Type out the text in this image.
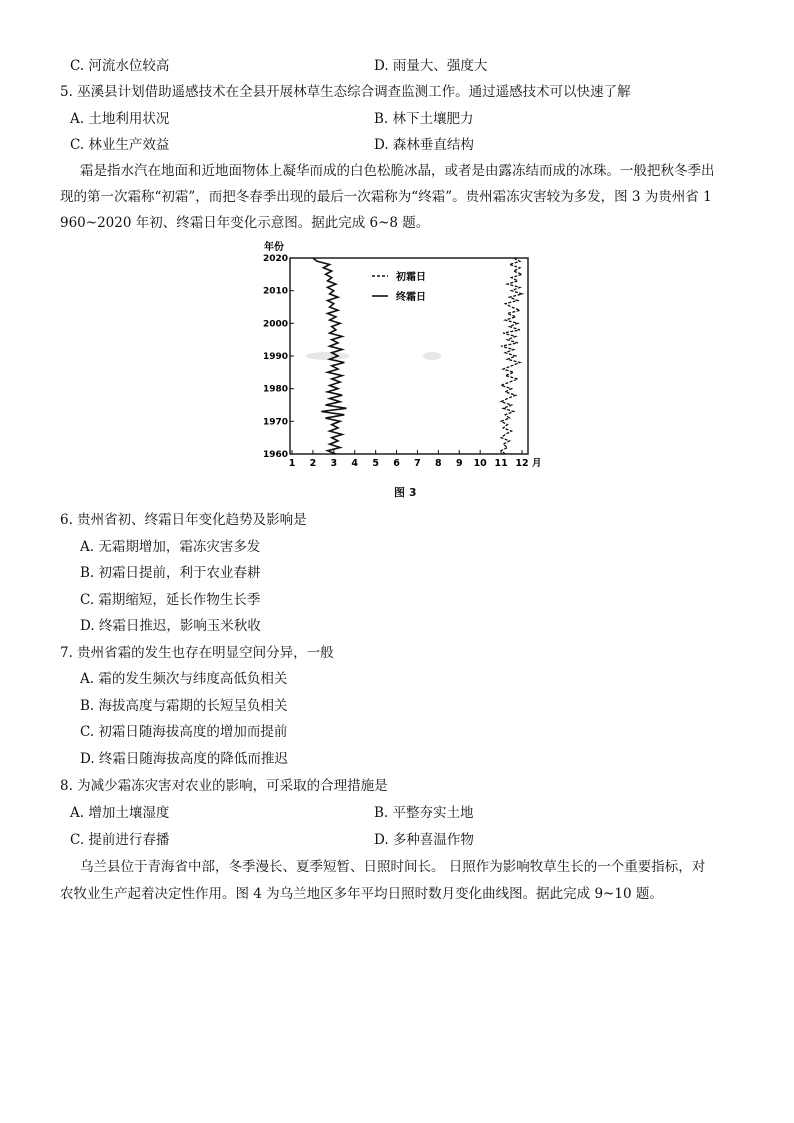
C. 河流水位较高	D. 雨量大、强度大
5. 巫溪县计划借助遥感技术在全县开展林草生态综合调查监测工作。通过遥感技术可以快速了解
A. 土地利用状况	B. 林下土壤肥力
C. 林业生产效益	D. 森林垂直结构
霜是指水汽在地面和近地面物体上凝华而成的白色松脆冰晶，或者是由露冻结而成的冰珠。一般把秋冬季出
现的第一次霜称“初霜”，而把冬春季出现的最后一次霜称为“终霜”。贵州霜冻灾害较为多发，图 3 为贵州省 1
960~2020 年初、终霜日年变化示意图。据此完成 6~8 题。
年份
1960
1970
1980
1990
2000
2010
2020
1 2 3 4 5 6 7 8 9 10 11 12 月
初霜日
终霜日
图 3
6. 贵州省初、终霜日年变化趋势及影响是
A. 无霜期增加，霜冻灾害多发
B. 初霜日提前，利于农业春耕
C. 霜期缩短，延长作物生长季
D. 终霜日推迟，影响玉米秋收
7. 贵州省霜的发生也存在明显空间分异，一般
A. 霜的发生频次与纬度高低负相关
B. 海拔高度与霜期的长短呈负相关
C. 初霜日随海拔高度的增加而提前
D. 终霜日随海拔高度的降低而推迟
8. 为减少霜冻灾害对农业的影响，可采取的合理措施是
A. 增加土壤湿度	B. 平整夯实土地
C. 提前进行春播	D. 多种喜温作物
乌兰县位于青海省中部，冬季漫长、夏季短暂、日照时间长。 日照作为影响牧草生长的一个重要指标，对
农牧业生产起着决定性作用。图 4 为乌兰地区多年平均日照时数月变化曲线图。据此完成 9~10 题。
